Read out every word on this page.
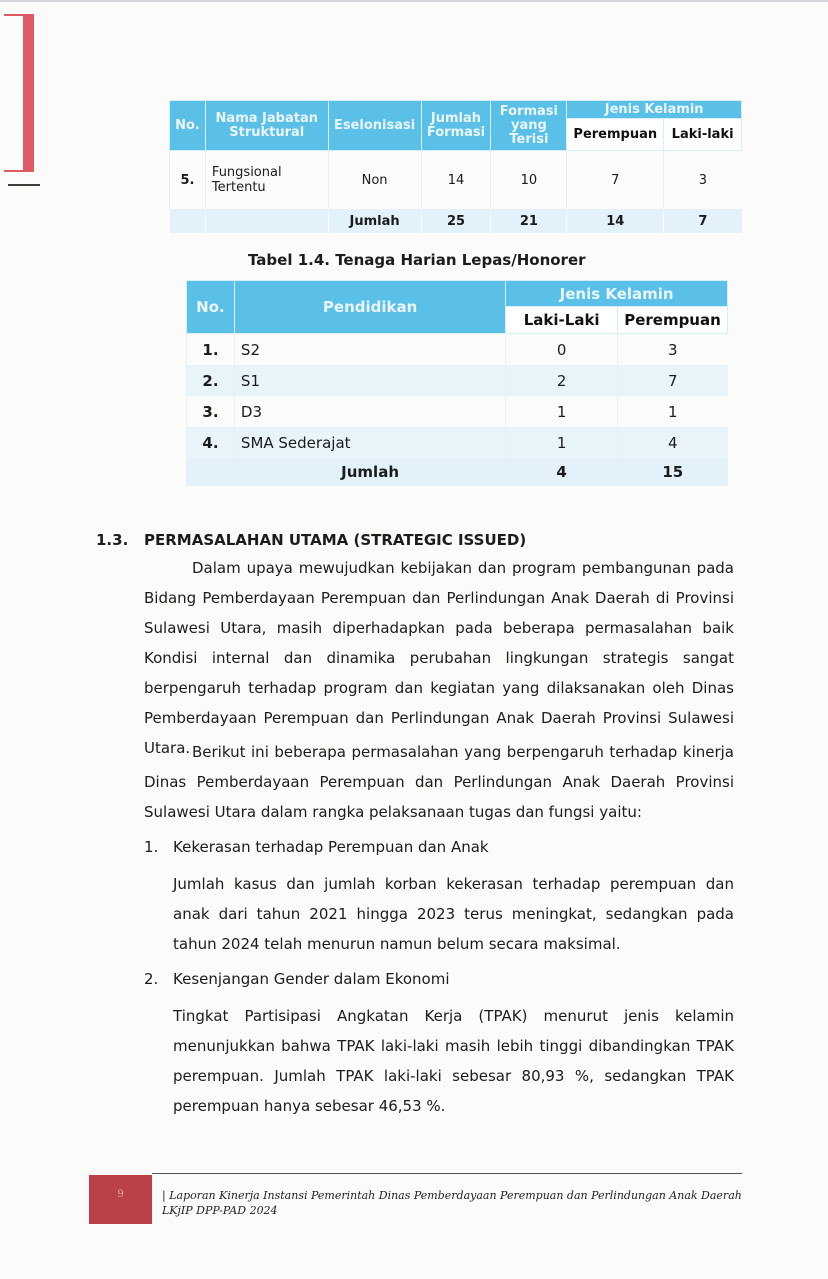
No.	Nama Jabatan Struktural	Eselonisasi	Jumlah Formasi	Formasi yang Terisi	Jenis Kelamin	
					Perempuan	Laki-laki
5.	Fungsional Tertentu	Non	14	10	7	3
		Jumlah	25	21	14	7
Tabel 1.4. Tenaga Harian Lepas/Honorer
No.	Pendidikan	Jenis Kelamin	
		Laki-Laki	Perempuan
1.	S2	0	3
2.	S1	2	7
3.	D3	1	1
4.	SMA Sederajat	1	4
	Jumlah	4	15
1.3. PERMASALAHAN UTAMA (STRATEGIC ISSUED)

Dalam upaya mewujudkan kebijakan dan program pembangunan pada Bidang Pemberdayaan Perempuan dan Perlindungan Anak Daerah di Provinsi Sulawesi Utara, masih diperhadapkan pada beberapa permasalahan baik Kondisi internal dan dinamika perubahan lingkungan strategis sangat berpengaruh terhadap program dan kegiatan yang dilaksanakan oleh Dinas Pemberdayaan Perempuan dan Perlindungan Anak Daerah Provinsi Sulawesi Utara. Berikut ini beberapa permasalahan yang berpengaruh terhadap kinerja Dinas Pemberdayaan Perempuan dan Perlindungan Anak Daerah Provinsi Sulawesi Utara dalam rangka pelaksanaan tugas dan fungsi yaitu:

1. Kekerasan terhadap Perempuan dan Anak

Jumlah kasus dan jumlah korban kekerasan terhadap perempuan dan anak dari tahun 2021 hingga 2023 terus meningkat, sedangkan pada tahun 2024 telah menurun namun belum secara maksimal.

2. Kesenjangan Gender dalam Ekonomi

Tingkat Partisipasi Angkatan Kerja (TPAK) menurut jenis kelamin menunjukkan bahwa TPAK laki-laki masih lebih tinggi dibandingkan TPAK perempuan. Jumlah TPAK laki-laki sebesar 80,93 %, sedangkan TPAK perempuan hanya sebesar 46,53 %.

9	| Laporan Kinerja Instansi Pemerintah Dinas Pemberdayaan Perempuan dan Perlindungan Anak Daerah
LKjIP DPP-PAD 2024
